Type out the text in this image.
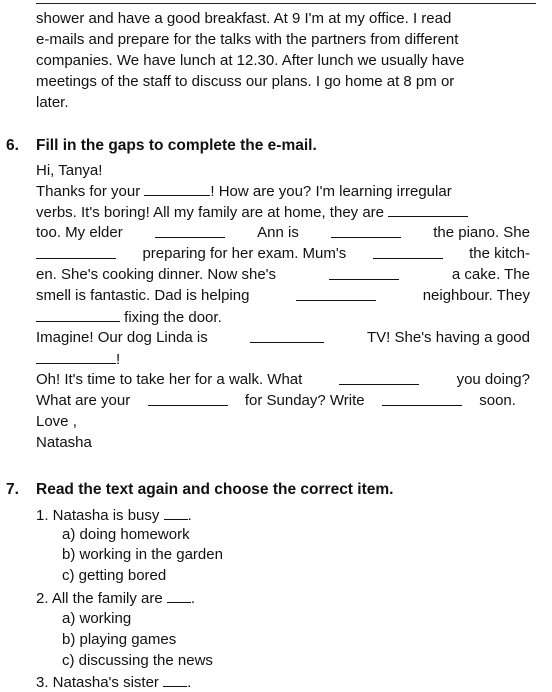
shower and have a good breakfast. At 9 I'm at my office. I read
e-mails and prepare for the talks with the partners from different
companies. We have lunch at 12.30. After lunch we usually have
meetings of the staff to discuss our plans. I go home at 8 pm or
later.
6. Fill in the gaps to complete the e-mail.
Hi, Tanya!
Thanks for your	! How are you? I'm learning irregular
verbs. It's boring! All my family are at home, they are
too. My elder	Ann is	the piano. She
preparing for her exam. Mum's	the kitch-
en. She's cooking dinner. Now she's	a cake. The
smell is fantastic. Dad is helping	neighbour. They
fixing the door.
Imagine! Our dog Linda is	TV! She's having a good
!
Oh! It's time to take her for a walk. What	you doing?
What are your	for Sunday? Write	soon.
Love ,
Natasha
7. Read the text again and choose the correct item.
1. Natasha is busy .
a) doing homework
b) working in the garden
c) getting bored
2. All the family are .
a) working
b) playing games
c) discussing the news
3. Natasha's sister .
